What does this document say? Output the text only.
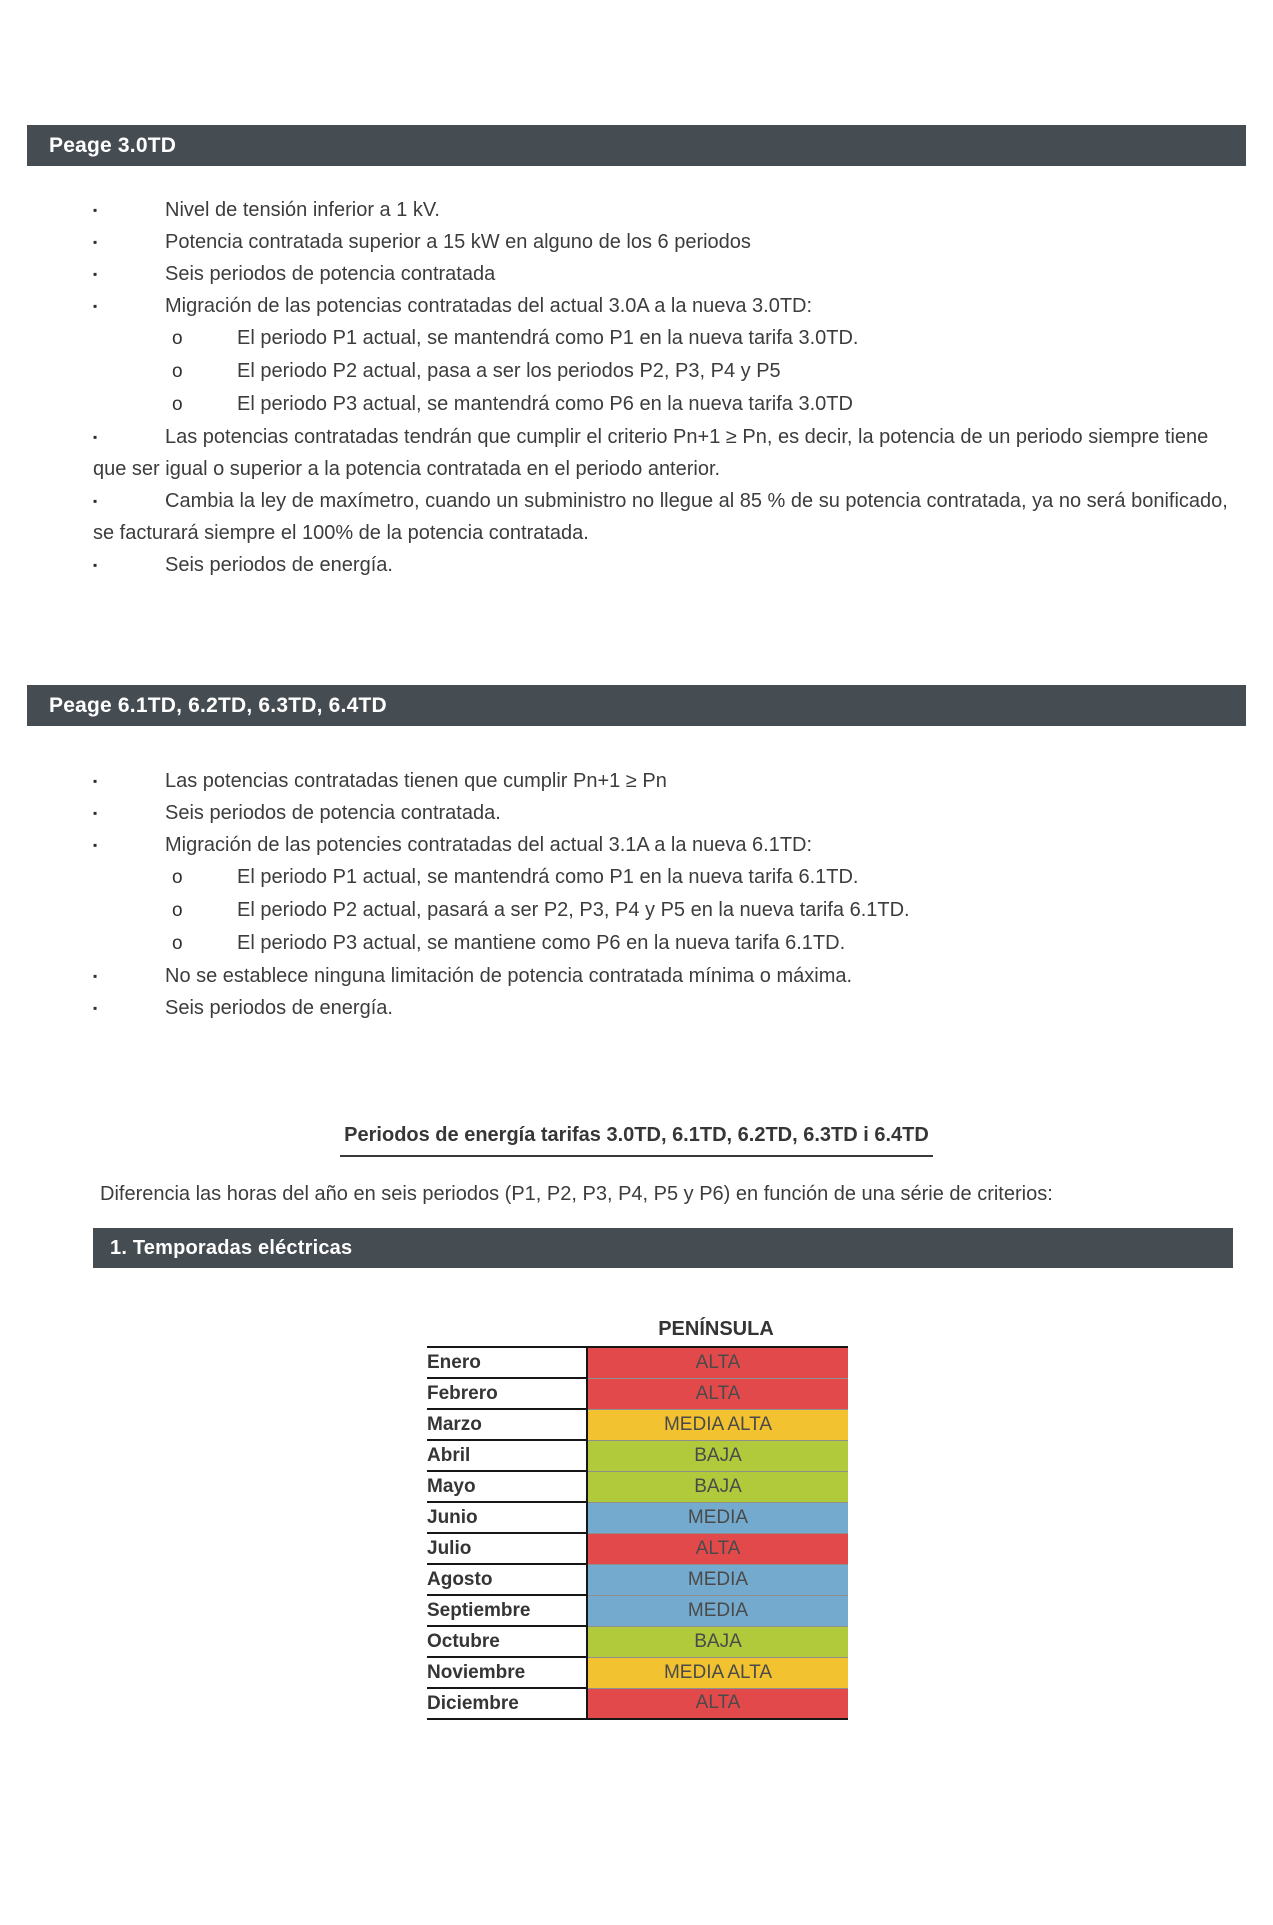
Peage 3.0TD
▪	Nivel de tensión inferior a 1 kV.
▪	Potencia contratada superior a 15 kW en alguno de los 6 periodos
▪	Seis periodos de potencia contratada
▪	Migración de las potencias contratadas del actual 3.0A a la nueva 3.0TD:
o	El periodo P1 actual, se mantendrá como P1 en la nueva tarifa 3.0TD.
o	El periodo P2 actual, pasa a ser los periodos P2, P3, P4 y P5
o	El periodo P3 actual, se mantendrá como P6 en la nueva tarifa 3.0TD
▪	Las potencias contratadas tendrán que cumplir el criterio Pn+1 ≥ Pn, es decir, la potencia de un periodo siempre tiene que ser igual o superior a la potencia contratada en el periodo anterior.
▪	Cambia la ley de maxímetro, cuando un subministro no llegue al 85 % de su potencia contratada, ya no será bonificado, se facturará siempre el 100% de la potencia contratada.
▪	Seis periodos de energía.
Peage 6.1TD, 6.2TD, 6.3TD, 6.4TD
▪	Las potencias contratadas tienen que cumplir Pn+1 ≥ Pn
▪	Seis periodos de potencia contratada.
▪	Migración de las potencies contratadas del actual 3.1A a la nueva 6.1TD:
o	El periodo P1 actual, se mantendrá como P1 en la nueva tarifa 6.1TD.
o	El periodo P2 actual, pasará a ser P2, P3, P4 y P5 en la nueva tarifa 6.1TD.
o	El periodo P3 actual, se mantiene como P6 en la nueva tarifa 6.1TD.
▪	No se establece ninguna limitación de potencia contratada mínima o máxima.
▪	Seis periodos de energía.
Periodos de energía tarifas 3.0TD, 6.1TD, 6.2TD, 6.3TD i 6.4TD
Diferencia las horas del año en seis periodos (P1, P2, P3, P4, P5 y P6) en función de una série de criterios:
1. Temporadas eléctricas
PENÍNSULA
Enero	ALTA
Febrero	ALTA
Marzo	MEDIA ALTA
Abril	BAJA
Mayo	BAJA
Junio	MEDIA
Julio	ALTA
Agosto	MEDIA
Septiembre	MEDIA
Octubre	BAJA
Noviembre	MEDIA ALTA
Diciembre	ALTA
